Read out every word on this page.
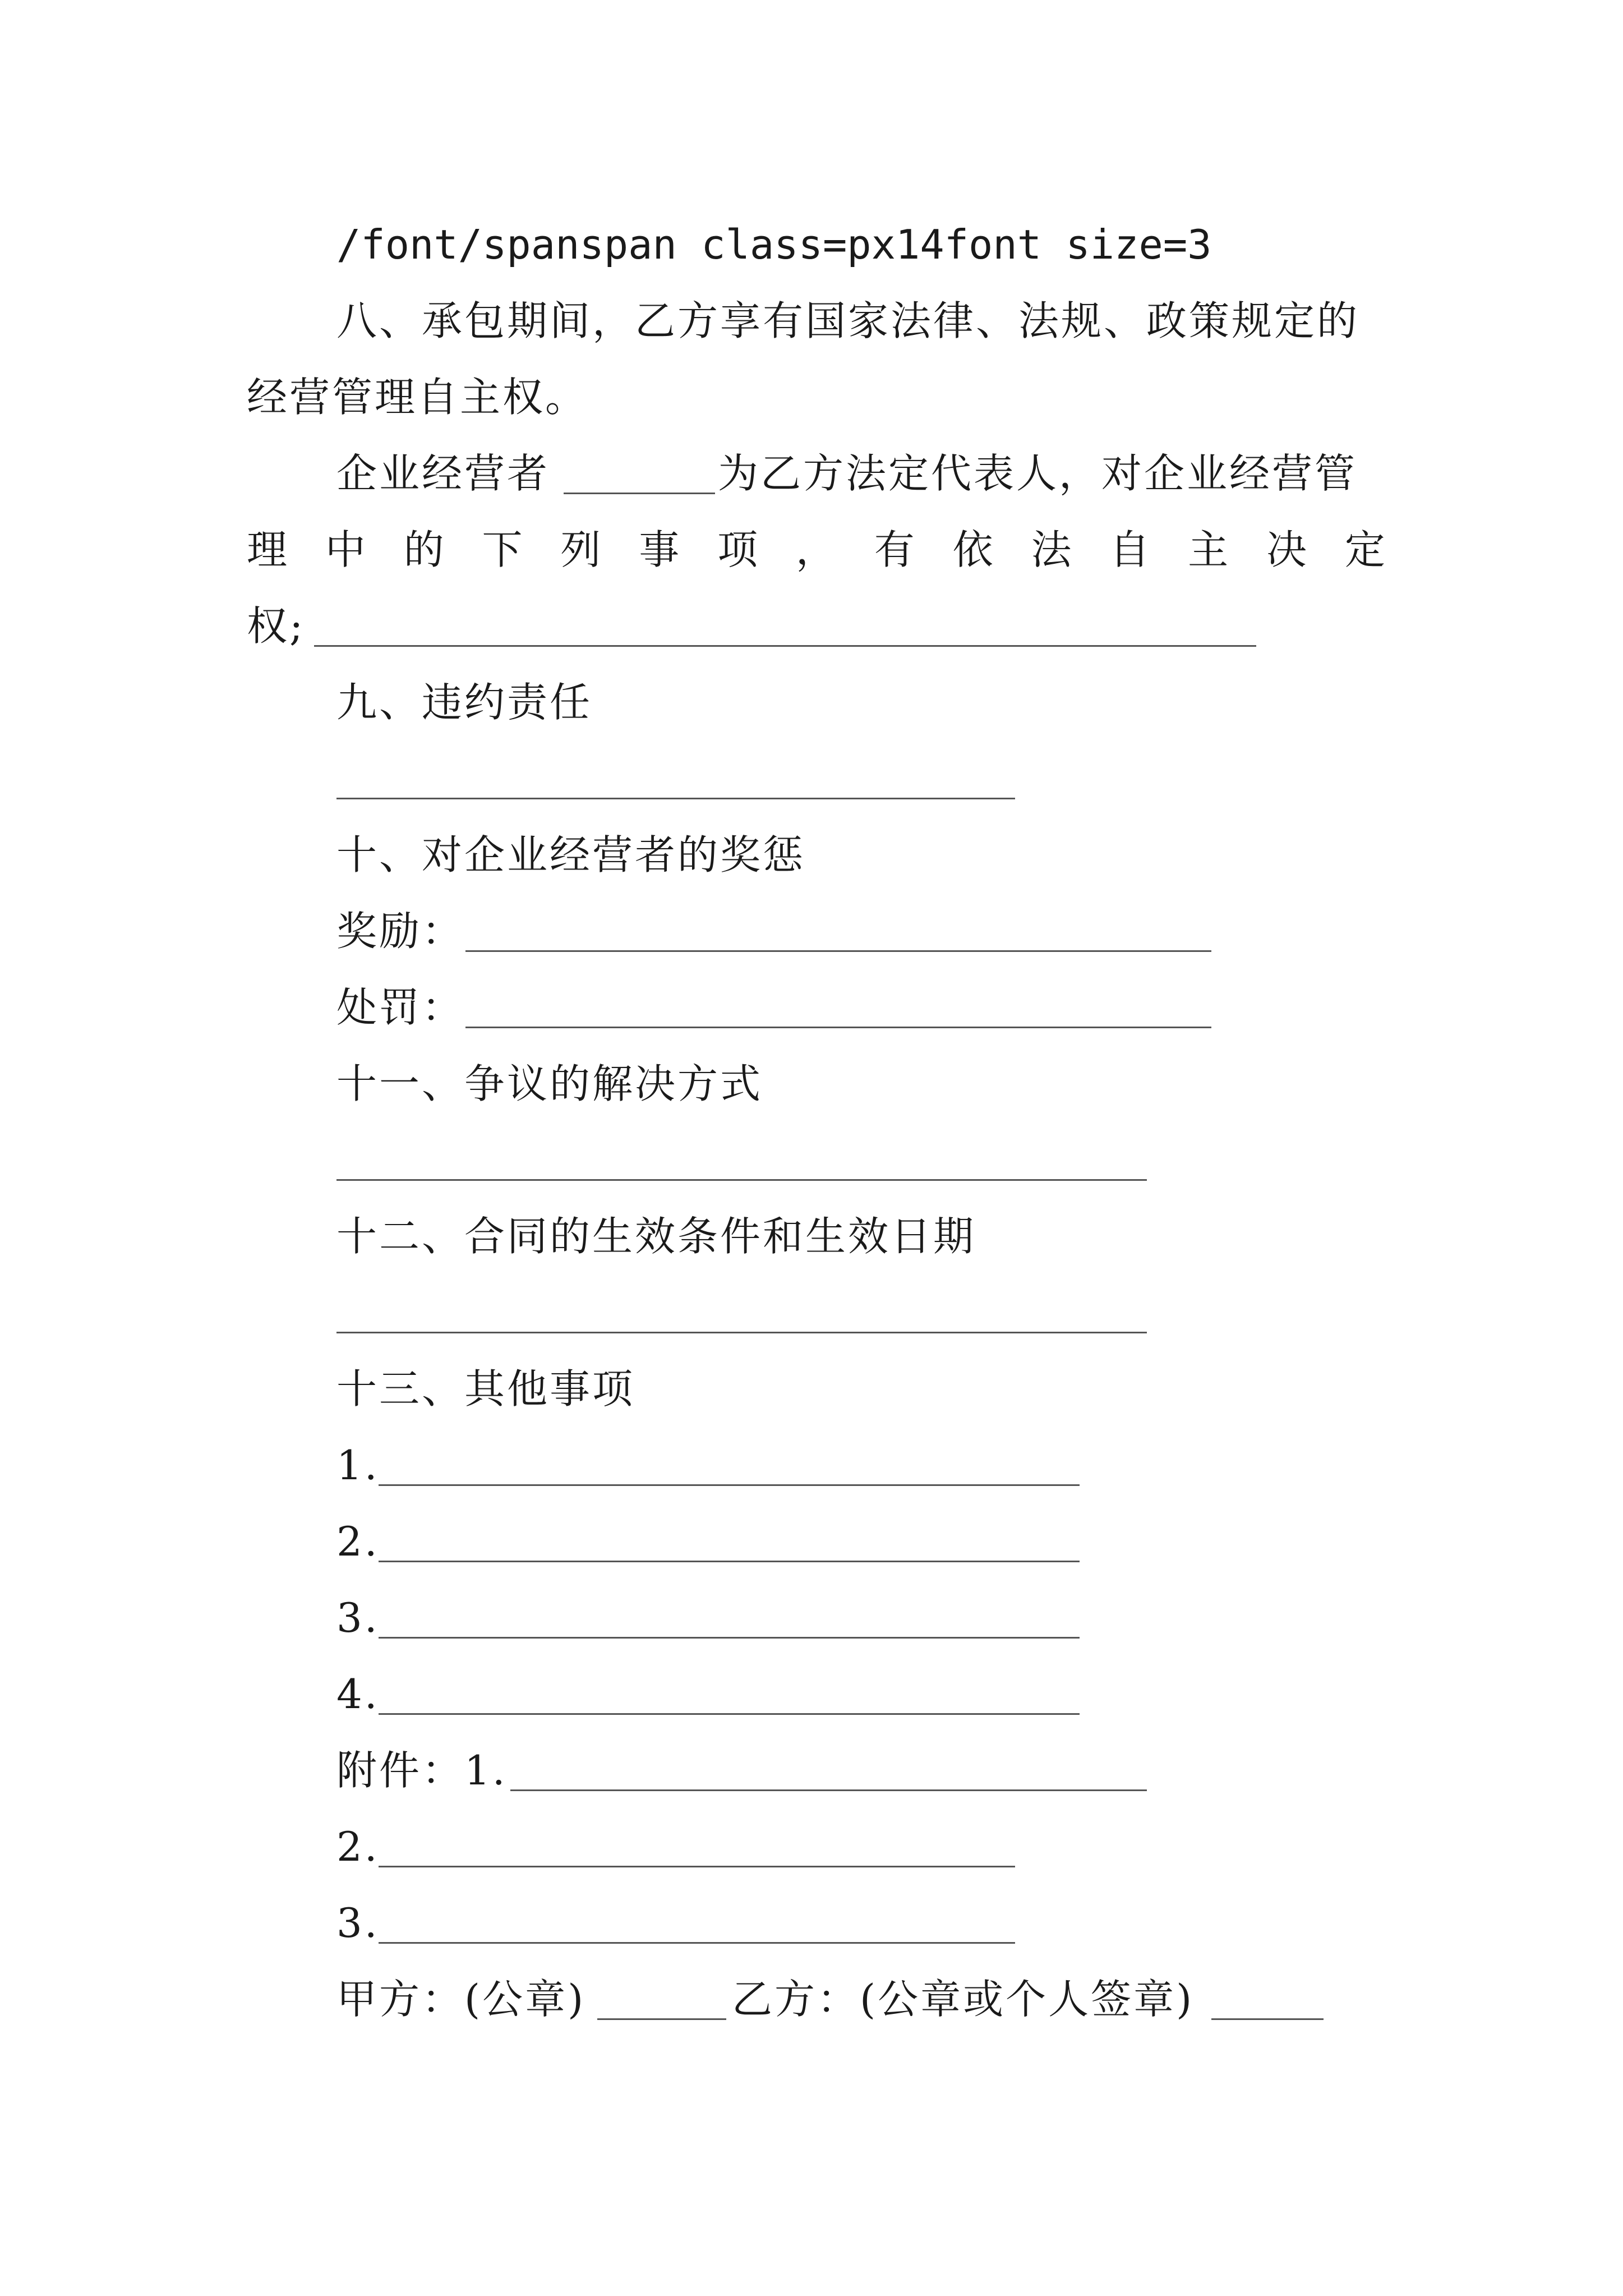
/font/spanspan class=px14font size=3
八、承包期间，乙方享有国家法律、法规、政策规定的
经营管理自主权。
企业经营者	为乙方法定代表人，对企业经营管
理 中 的 下 列 事 项 ， 有 依 法 自 主 决 定
权;
九、违约责任
十、对企业经营者的奖惩
奖励：
处罚：
十一、争议的解决方式
十二、合同的生效条件和生效日期
十三、其他事项
1.
2.
3.
4.
附件：1.
2.
3.
甲方：(公章)	乙方：(公章或个人签章)
